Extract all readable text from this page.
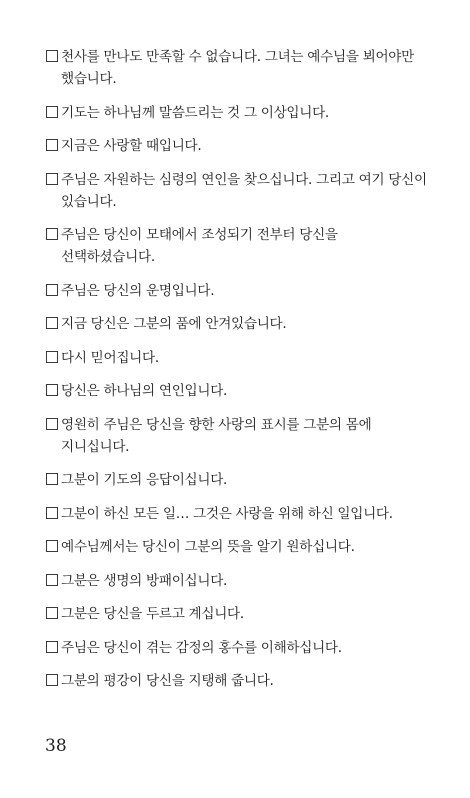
천사를 만나도 만족할 수 없습니다. 그녀는 예수님을 뵈어야만 했습니다.
기도는 하나님께 말씀드리는 것 그 이상입니다.
지금은 사랑할 때입니다.
주님은 자원하는 심령의 연인을 찾으십니다. 그리고 여기 당신이 있습니다.
주님은 당신이 모태에서 조성되기 전부터 당신을 선택하셨습니다.
주님은 당신의 운명입니다.
지금 당신은 그분의 품에 안겨있습니다.
다시 믿어집니다.
당신은 하나님의 연인입니다.
영원히 주님은 당신을 향한 사랑의 표시를 그분의 몸에 지니십니다.
그분이 기도의 응답이십니다.
그분이 하신 모든 일… 그것은 사랑을 위해 하신 일입니다.
예수님께서는 당신이 그분의 뜻을 알기 원하십니다.
그분은 생명의 방패이십니다.
그분은 당신을 두르고 계십니다.
주님은 당신이 겪는 감정의 홍수를 이해하십니다.
그분의 평강이 당신을 지탱해 줍니다.
38
